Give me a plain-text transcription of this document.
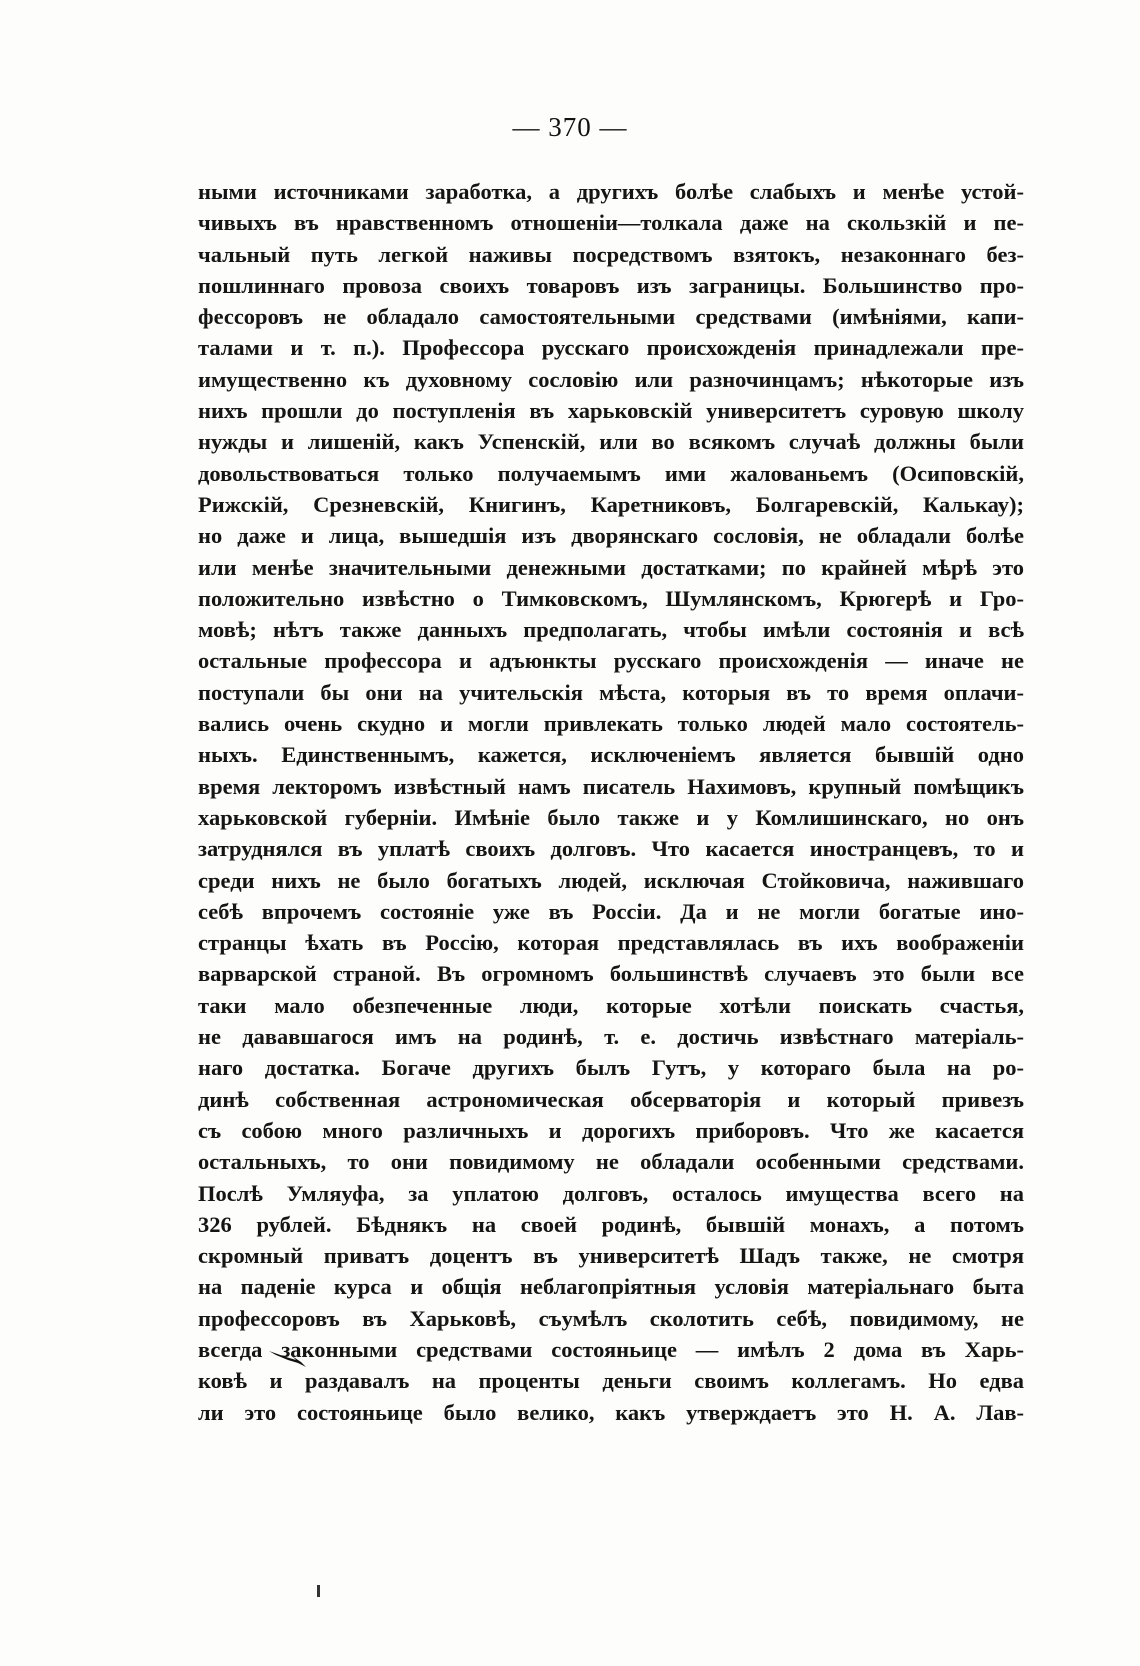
— 370 —
ными источниками заработка, а другихъ болѣе слабыхъ и менѣе устой-
чивыхъ въ нравственномъ отношеніи—толкала даже на скользкій и пе-
чальный путь легкой наживы посредствомъ взятокъ, незаконнаго без-
пошлиннаго провоза своихъ товаровъ изъ заграницы. Большинство про-
фессоровъ не обладало самостоятельными средствами (имѣніями, капи-
талами и т. п.). Профессора русскаго происхожденія принадлежали пре-
имущественно къ духовному сословію или разночинцамъ; нѣкоторые изъ
нихъ прошли до поступленія въ харьковскій университетъ суровую школу
нужды и лишеній, какъ Успенскій, или во всякомъ случаѣ должны были
довольствоваться только получаемымъ ими жалованьемъ (Осиповскій,
Рижскій, Срезневскій, Книгинъ, Каретниковъ, Болгаревскій, Калькау);
но даже и лица, вышедшія изъ дворянскаго сословія, не обладали болѣе
или менѣе значительными денежными достатками; по крайней мѣрѣ это
положительно извѣстно о Тимковскомъ, Шумлянскомъ, Крюгерѣ и Гро-
мовѣ; нѣтъ также данныхъ предполагать, чтобы имѣли состоянія и всѣ
остальные профессора и адъюнкты русскаго происхожденія — иначе не
поступали бы они на учительскія мѣста, которыя въ то время оплачи-
вались очень скудно и могли привлекать только людей мало состоятель-
ныхъ. Единственнымъ, кажется, исключеніемъ является бывшій одно
время лекторомъ извѣстный намъ писатель Нахимовъ, крупный помѣщикъ
харьковской губерніи. Имѣніе было также и у Комлишинскаго, но онъ
затруднялся въ уплатѣ своихъ долговъ. Что касается иностранцевъ, то и
среди нихъ не было богатыхъ людей, исключая Стойковича, нажившаго
себѣ впрочемъ состояніе уже въ Россіи. Да и не могли богатые ино-
странцы ѣхать въ Россію, которая представлялась въ ихъ воображеніи
варварской страной. Въ огромномъ большинствѣ случаевъ это были все
таки мало обезпеченные люди, которые хотѣли поискать счастья,
не дававшагося имъ на родинѣ, т. е. достичь извѣстнаго матеріаль-
наго достатка. Богаче другихъ былъ Гутъ, у котораго была на ро-
динѣ собственная астрономическая обсерваторія и который привезъ
съ собою много различныхъ и дорогихъ приборовъ. Что же касается
остальныхъ, то они повидимому не обладали особенными средствами.
Послѣ Умляуфа, за уплатою долговъ, осталось имущества всего на
326 рублей. Бѣднякъ на своей родинѣ, бывшій монахъ, а потомъ
скромный приватъ доцентъ въ университетѣ Шадъ также, не смотря
на паденіе курса и общія неблагопріятныя условія матеріальнаго быта
профессоровъ въ Харьковѣ, съумѣлъ сколотить себѣ, повидимому, не
всегда законными средствами состояньице — имѣлъ 2 дома въ Харь-
ковѣ и раздавалъ на проценты деньги своимъ коллегамъ. Но едва
ли это состояньице было велико, какъ утверждаетъ это Н. А. Лав-
